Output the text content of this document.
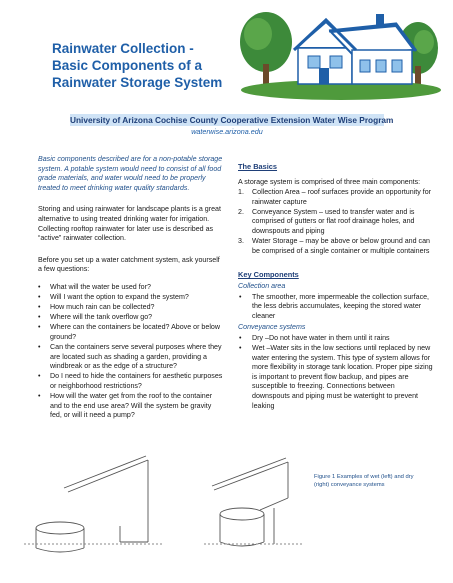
Rainwater Collection -
Basic Components of a
Rainwater Storage System
University of Arizona Cochise County Cooperative Extension Water Wise Program
waterwise.arizona.edu

Basic components described are for a non-potable storage system. A potable system would need to consist of all food grade materials, and water would need to be properly treated to meet drinking water quality standards.

Storing and using rainwater for landscape plants is a great alternative to using treated drinking water for irrigation. Collecting rooftop rainwater for later use is described as “active” rainwater collection.

Before you set up a water catchment system, ask yourself a few questions:

• What will the water be used for?
• Will I want the option to expand the system?
• How much rain can be collected?
• Where will the tank overflow go?
• Where can the containers be located? Above or below ground?
• Can the containers serve several purposes where they are located such as shading a garden, providing a windbreak or as the edge of a structure?
• Do I need to hide the containers for aesthetic purposes or neighborhood restrictions?
• How will the water get from the roof to the container and to the end use area? Will the system be gravity fed, or will it need a pump?
The Basics
A storage system is comprised of three main components:
1. Collection Area – roof surfaces provide an opportunity for rainwater capture
2. Conveyance System – used to transfer water and is comprised of gutters or flat roof drainage holes, and downspouts and piping
3. Water Storage – may be above or below ground and can be comprised of a single container or multiple containers
Key Components
Collection area
• The smoother, more impermeable the collection surface, the less debris accumulates, keeping the stored water cleaner
Conveyance systems
• Dry –Do not have water in them until it rains
• Wet –Water sits in the low sections until replaced by new water entering the system. This type of system allows for more flexibility in storage tank location. Proper pipe sizing is important to prevent flow backup, and pipes are susceptible to freezing. Connections between downspouts and piping must be watertight to prevent leaking
Figure 1 Examples of wet (left) and dry (right) conveyance systems
